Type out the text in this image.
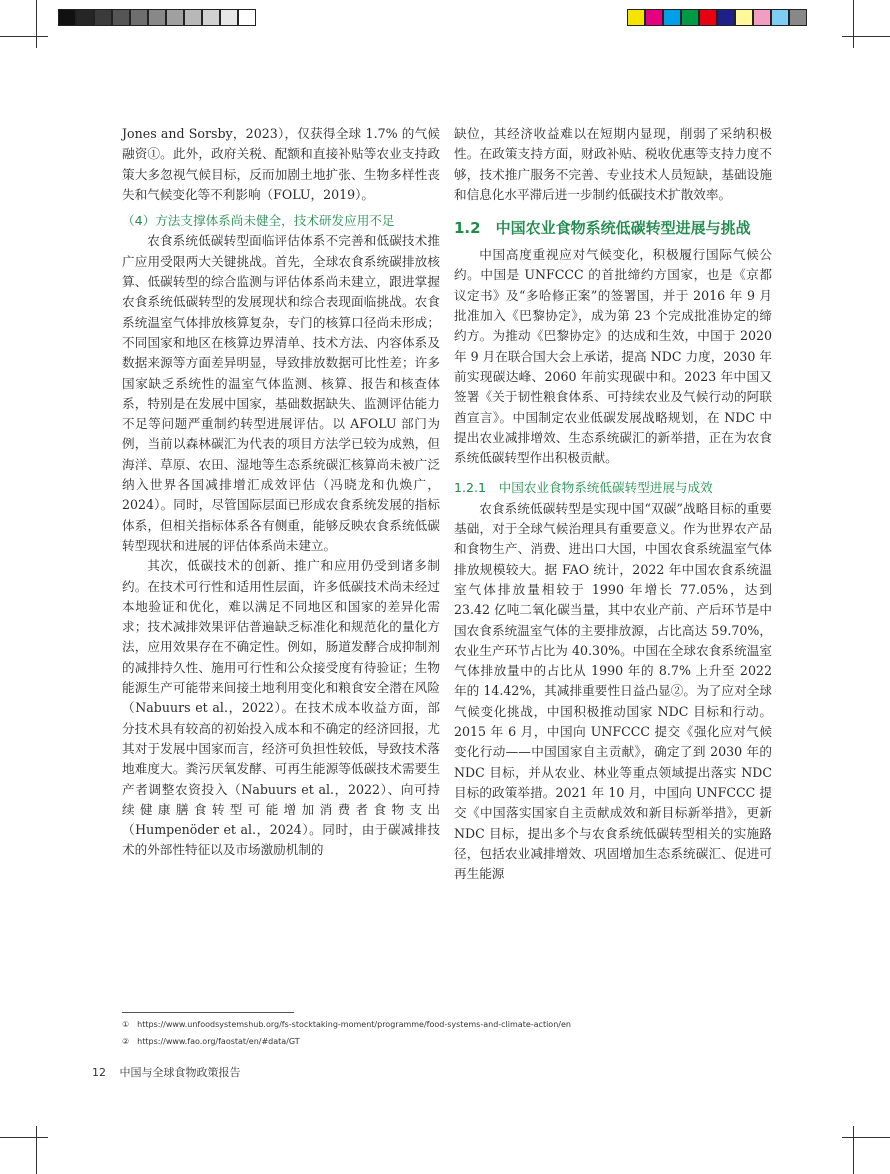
Jones and Sorsby，2023），仅获得全球 1.7% 的气候融资①。此外，政府关税、配额和直接补贴等农业支持政策大多忽视气候目标，反而加剧土地扩张、生物多样性丧失和气候变化等不利影响（FOLU，2019）。

（4）方法支撑体系尚未健全，技术研发应用不足

农食系统低碳转型面临评估体系不完善和低碳技术推广应用受限两大关键挑战。首先，全球农食系统碳排放核算、低碳转型的综合监测与评估体系尚未建立，跟进掌握农食系统低碳转型的发展现状和综合表现面临挑战。农食系统温室气体排放核算复杂，专门的核算口径尚未形成；不同国家和地区在核算边界清单、技术方法、内容体系及数据来源等方面差异明显，导致排放数据可比性差；许多国家缺乏系统性的温室气体监测、核算、报告和核查体系，特别是在发展中国家，基础数据缺失、监测评估能力不足等问题严重制约转型进展评估。以 AFOLU 部门为例，当前以森林碳汇为代表的项目方法学已较为成熟，但海洋、草原、农田、湿地等生态系统碳汇核算尚未被广泛纳入世界各国减排增汇成效评估（冯晓龙和仇焕广，2024）。同时，尽管国际层面已形成农食系统发展的指标体系，但相关指标体系各有侧重，能够反映农食系统低碳转型现状和进展的评估体系尚未建立。

其次，低碳技术的创新、推广和应用仍受到诸多制约。在技术可行性和适用性层面，许多低碳技术尚未经过本地验证和优化，难以满足不同地区和国家的差异化需求；技术减排效果评估普遍缺乏标准化和规范化的量化方法，应用效果存在不确定性。例如，肠道发酵合成抑制剂的减排持久性、施用可行性和公众接受度有待验证；生物能源生产可能带来间接土地利用变化和粮食安全潜在风险（Nabuurs et al.，2022）。在技术成本收益方面，部分技术具有较高的初始投入成本和不确定的经济回报，尤其对于发展中国家而言，经济可负担性较低，导致技术落地难度大。粪污厌氧发酵、可再生能源等低碳技术需要生产者调整农资投入（Nabuurs et al.，2022）、向可持续健康膳食转型可能增加消费者食物支出（Humpenöder et al.，2024）。同时，由于碳减排技术的外部性特征以及市场激励机制的

缺位，其经济收益难以在短期内显现，削弱了采纳积极性。在政策支持方面，财政补贴、税收优惠等支持力度不够，技术推广服务不完善、专业技术人员短缺，基础设施和信息化水平滞后进一步制约低碳技术扩散效率。

1.2　中国农业食物系统低碳转型进展与挑战

中国高度重视应对气候变化，积极履行国际气候公约。中国是 UNFCCC 的首批缔约方国家，也是《京都议定书》及“多哈修正案”的签署国，并于 2016 年 9 月批准加入《巴黎协定》，成为第 23 个完成批准协定的缔约方。为推动《巴黎协定》的达成和生效，中国于 2020 年 9 月在联合国大会上承诺，提高 NDC 力度，2030 年前实现碳达峰、2060 年前实现碳中和。2023 年中国又签署《关于韧性粮食体系、可持续农业及气候行动的阿联酋宣言》。中国制定农业低碳发展战略规划，在 NDC 中提出农业减排增效、生态系统碳汇的新举措，正在为农食系统低碳转型作出积极贡献。

1.2.1　中国农业食物系统低碳转型进展与成效

农食系统低碳转型是实现中国“双碳”战略目标的重要基础，对于全球气候治理具有重要意义。作为世界农产品和食物生产、消费、进出口大国，中国农食系统温室气体排放规模较大。据 FAO 统计，2022 年中国农食系统温室气体排放量相较于 1990 年增长 77.05%，达到 23.42 亿吨二氧化碳当量，其中农业产前、产后环节是中国农食系统温室气体的主要排放源，占比高达 59.70%，农业生产环节占比为 40.30%。中国在全球农食系统温室气体排放量中的占比从 1990 年的 8.7% 上升至 2022 年的 14.42%，其减排重要性日益凸显②。为了应对全球气候变化挑战，中国积极推动国家 NDC 目标和行动。2015 年 6 月，中国向 UNFCCC 提交《强化应对气候变化行动——中国国家自主贡献》，确定了到 2030 年的 NDC 目标，并从农业、林业等重点领域提出落实 NDC 目标的政策举措。2021 年 10 月，中国向 UNFCCC 提交《中国落实国家自主贡献成效和新目标新举措》，更新 NDC 目标，提出多个与农食系统低碳转型相关的实施路径，包括农业减排增效、巩固增加生态系统碳汇、促进可再生能源

①　https://www.unfoodsystemshub.org/fs-stocktaking-moment/programme/food-systems-and-climate-action/en
②　https://www.fao.org/faostat/en/#data/GT
12 中国与全球食物政策报告
